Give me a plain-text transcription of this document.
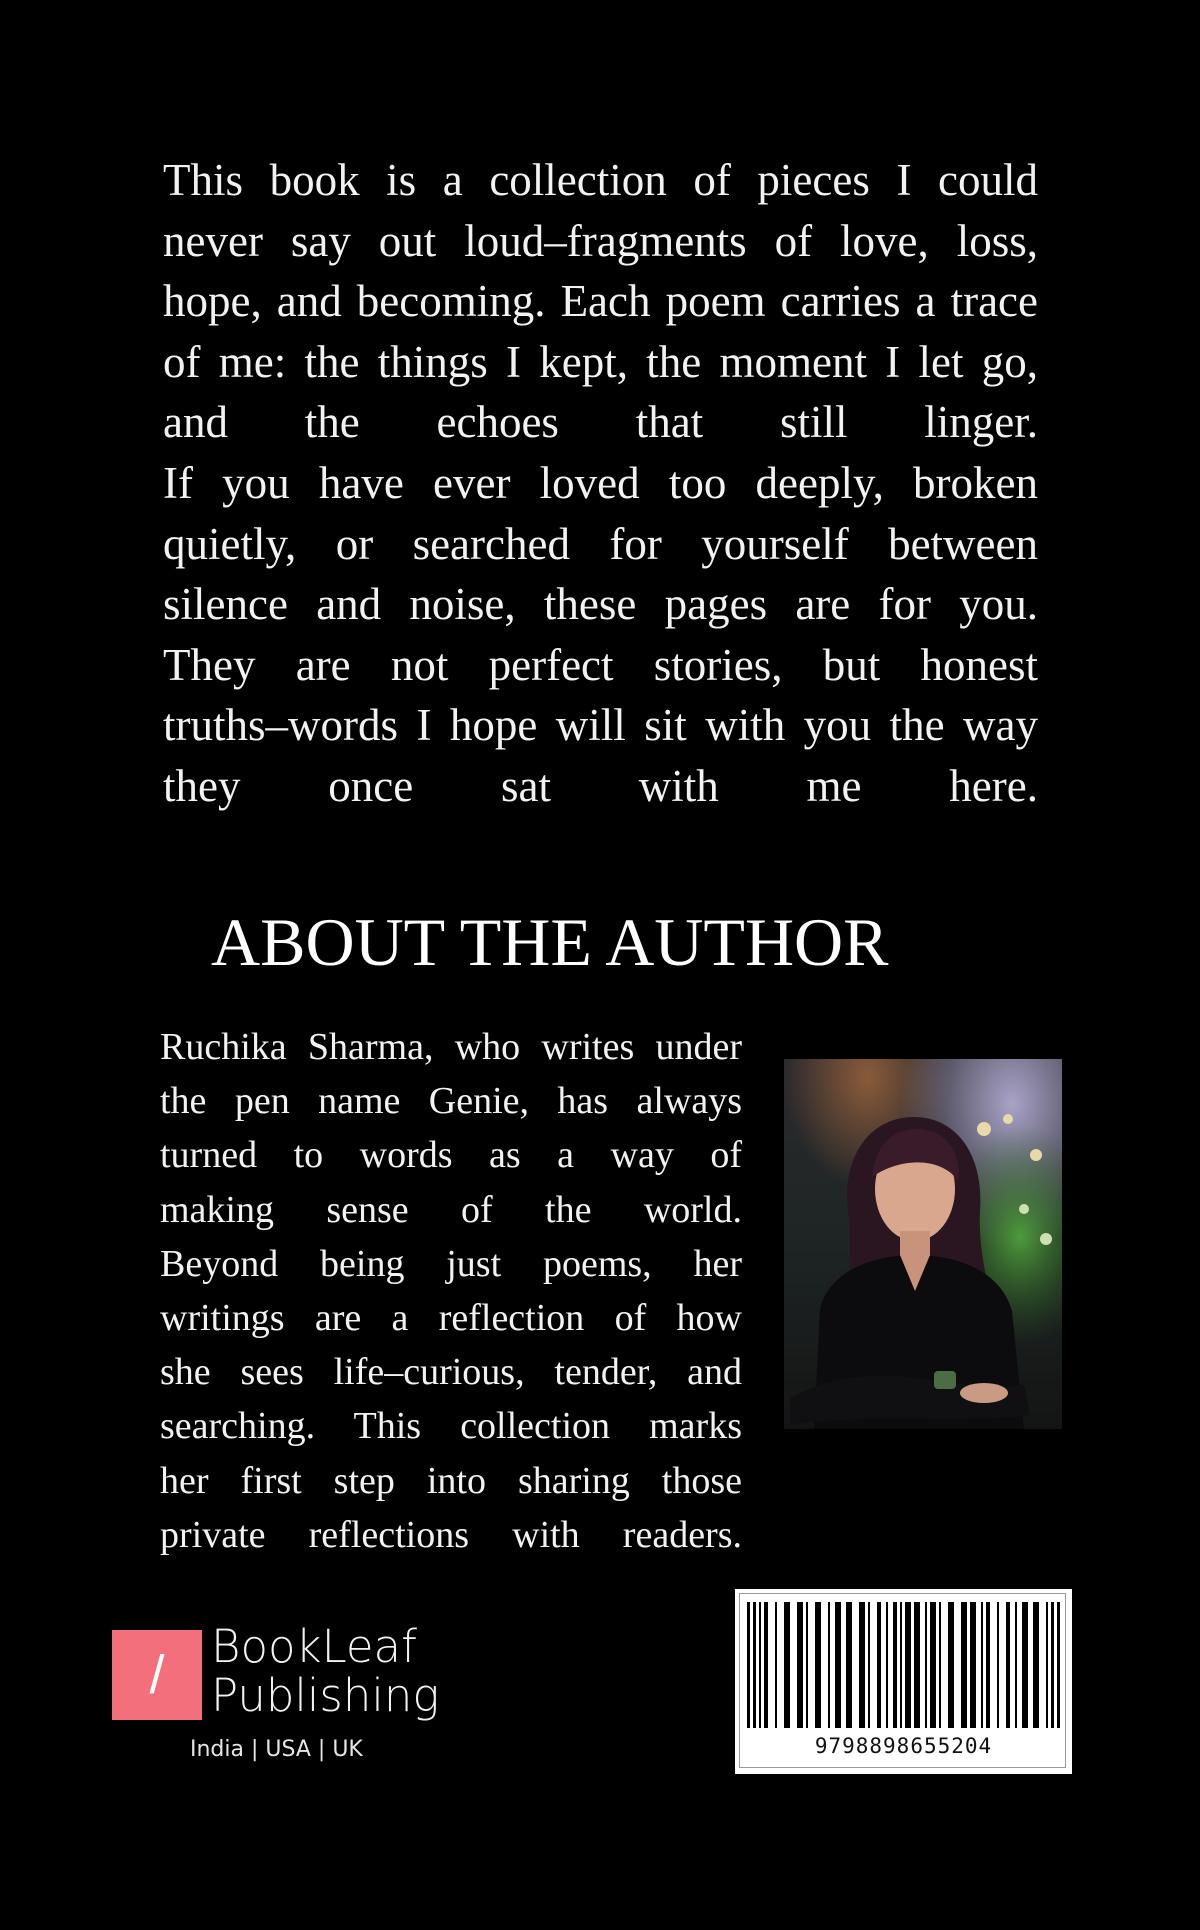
This book is a collection of pieces I could
never say out loud–fragments of love, loss,
hope, and becoming. Each poem carries a trace
of me: the things I kept, the moment I let go,
and the echoes that still linger.
If you have ever loved too deeply, broken
quietly, or searched for yourself between
silence and noise, these pages are for you.
They are not perfect stories, but honest
truths–words I hope will sit with you the way
they once sat with me here.
ABOUT THE AUTHOR
Ruchika Sharma, who writes under
the pen name Genie, has always
turned to words as a way of
making sense of the world.
Beyond being just poems, her
writings are a reflection of how
she sees life–curious, tender, and
searching. This collection marks
her first step into sharing those
private reflections with readers.
/	BookLeaf
Publishing
India | USA | UK	9798898655204
